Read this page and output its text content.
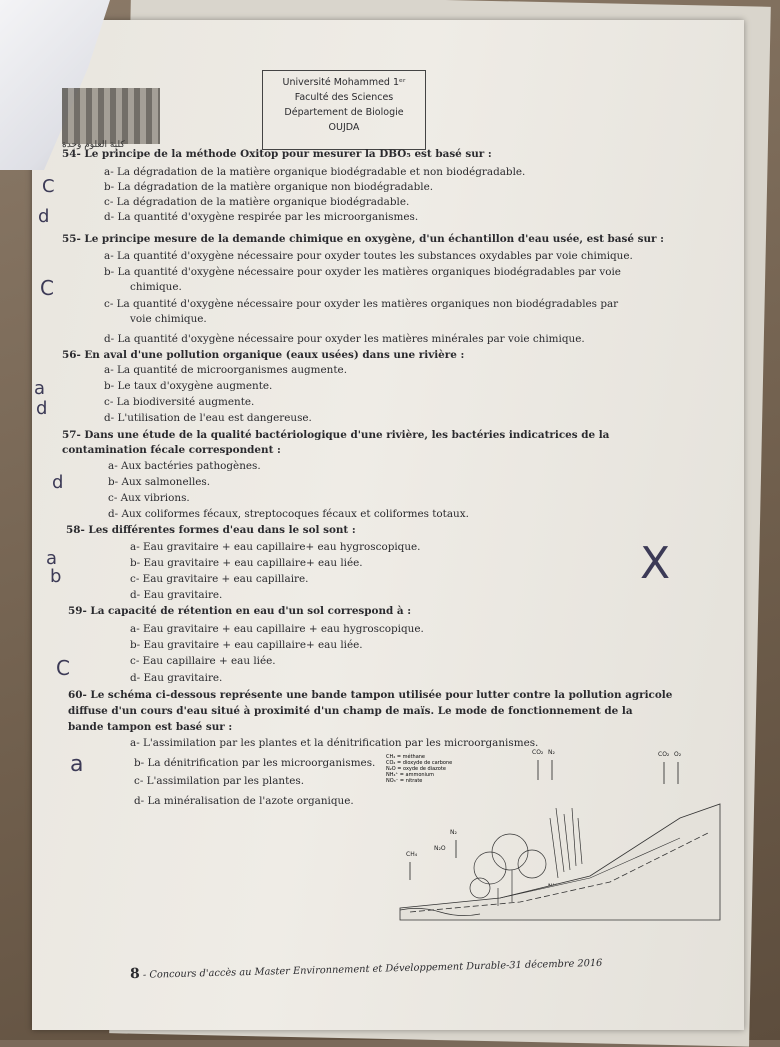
كلية العلوم وجدة
Université Mohammed 1ᵉʳ
Faculté des Sciences
Département de Biologie
OUJDA
54- Le principe de la méthode Oxitop pour mesurer la DBO₅ est basé sur :
a- La dégradation de la matière organique biodégradable et non biodégradable.
b- La dégradation de la matière organique non biodégradable.
c- La dégradation de la matière organique biodégradable.
d- La quantité d'oxygène respirée par les microorganismes.
C
d
55- Le principe mesure de la demande chimique en oxygène, d'un échantillon d'eau usée, est basé sur :
a- La quantité d'oxygène nécessaire pour oxyder toutes les substances oxydables par voie chimique.
b- La quantité d'oxygène nécessaire pour oxyder les matières organiques biodégradables par voie
chimique.
c- La quantité d'oxygène nécessaire pour oxyder les matières organiques non biodégradables par
voie chimique.
d- La quantité d'oxygène nécessaire pour oxyder les matières minérales par voie chimique.
C
56- En aval d'une pollution organique (eaux usées) dans une rivière :
a- La quantité de microorganismes augmente.
b- Le taux d'oxygène augmente.
c- La biodiversité augmente.
d- L'utilisation de l'eau est dangereuse.
a
d
57- Dans une étude de la qualité bactériologique d'une rivière, les bactéries indicatrices de la
contamination fécale correspondent :
a- Aux bactéries pathogènes.
b- Aux salmonelles.
c- Aux vibrions.
d- Aux coliformes fécaux, streptocoques fécaux et coliformes totaux.
d
58- Les différentes formes d'eau dans le sol sont :
a- Eau gravitaire + eau capillaire+ eau hygroscopique.
b- Eau gravitaire + eau capillaire+ eau liée.
c- Eau gravitaire + eau capillaire.
d- Eau gravitaire.
a
b	X
59- La capacité de rétention en eau d'un sol correspond à :
a- Eau gravitaire + eau capillaire + eau hygroscopique.
b- Eau gravitaire + eau capillaire+ eau liée.
c- Eau capillaire + eau liée.
d- Eau gravitaire.
C
60- Le schéma ci-dessous représente une bande tampon utilisée pour lutter contre la pollution agricole
diffuse d'un cours d'eau situé à proximité d'un champ de maïs. Le mode de fonctionnement de la
bande tampon est basé sur :
a- L'assimilation par les plantes et la dénitrification par les microorganismes.
b- La dénitrification par les microorganismes.
c- L'assimilation par les plantes.
d- La minéralisation de l'azote organique.
a	CH₄ = méthane
CO₂ = dioxyde de carbone
N₂O = oxyde de diazote
NH₄⁺ = ammonium
NO₃⁻ = nitrate
CO₂ N₂	CO₂ O₂
N₂
N₂O
CH₄
8 - Concours d'accès au Master Environnement et Développement Durable-31 décembre 2016
